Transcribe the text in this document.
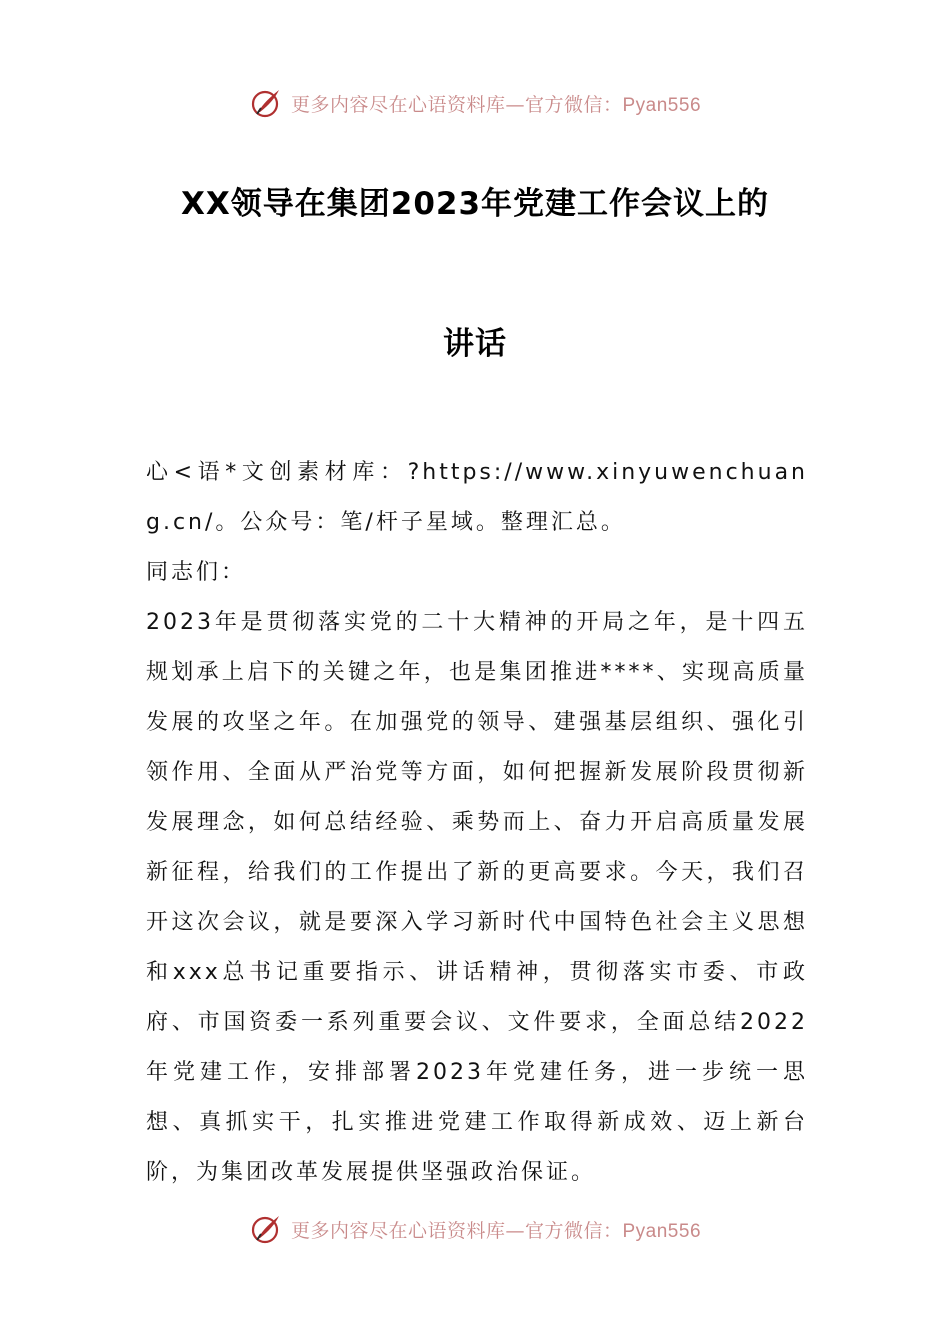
更多内容尽在心语资料库—官方微信：Pyan556
XX领导在集团2023年党建工作会议上的
讲话

心<语*文创素材库：?https://www.xinyuwenchuang.cn/。公众号：笔/杆子星域。整理汇总。

同志们：

2023年是贯彻落实党的二十大精神的开局之年，是十四五规划承上启下的关键之年，也是集团推进****、实现高质量发展的攻坚之年。在加强党的领导、建强基层组织、强化引领作用、全面从严治党等方面，如何把握新发展阶段贯彻新发展理念，如何总结经验、乘势而上、奋力开启高质量发展新征程，给我们的工作提出了新的更高要求。今天，我们召开这次会议，就是要深入学习新时代中国特色社会主义思想和xxx总书记重要指示、讲话精神，贯彻落实市委、市政府、市国资委一系列重要会议、文件要求，全面总结2022年党建工作，安排部署2023年党建任务，进一步统一思想、真抓实干，扎实推进党建工作取得新成效、迈上新台阶，为集团改革发展提供坚强政治保证。

更多内容尽在心语资料库—官方微信：Pyan556
